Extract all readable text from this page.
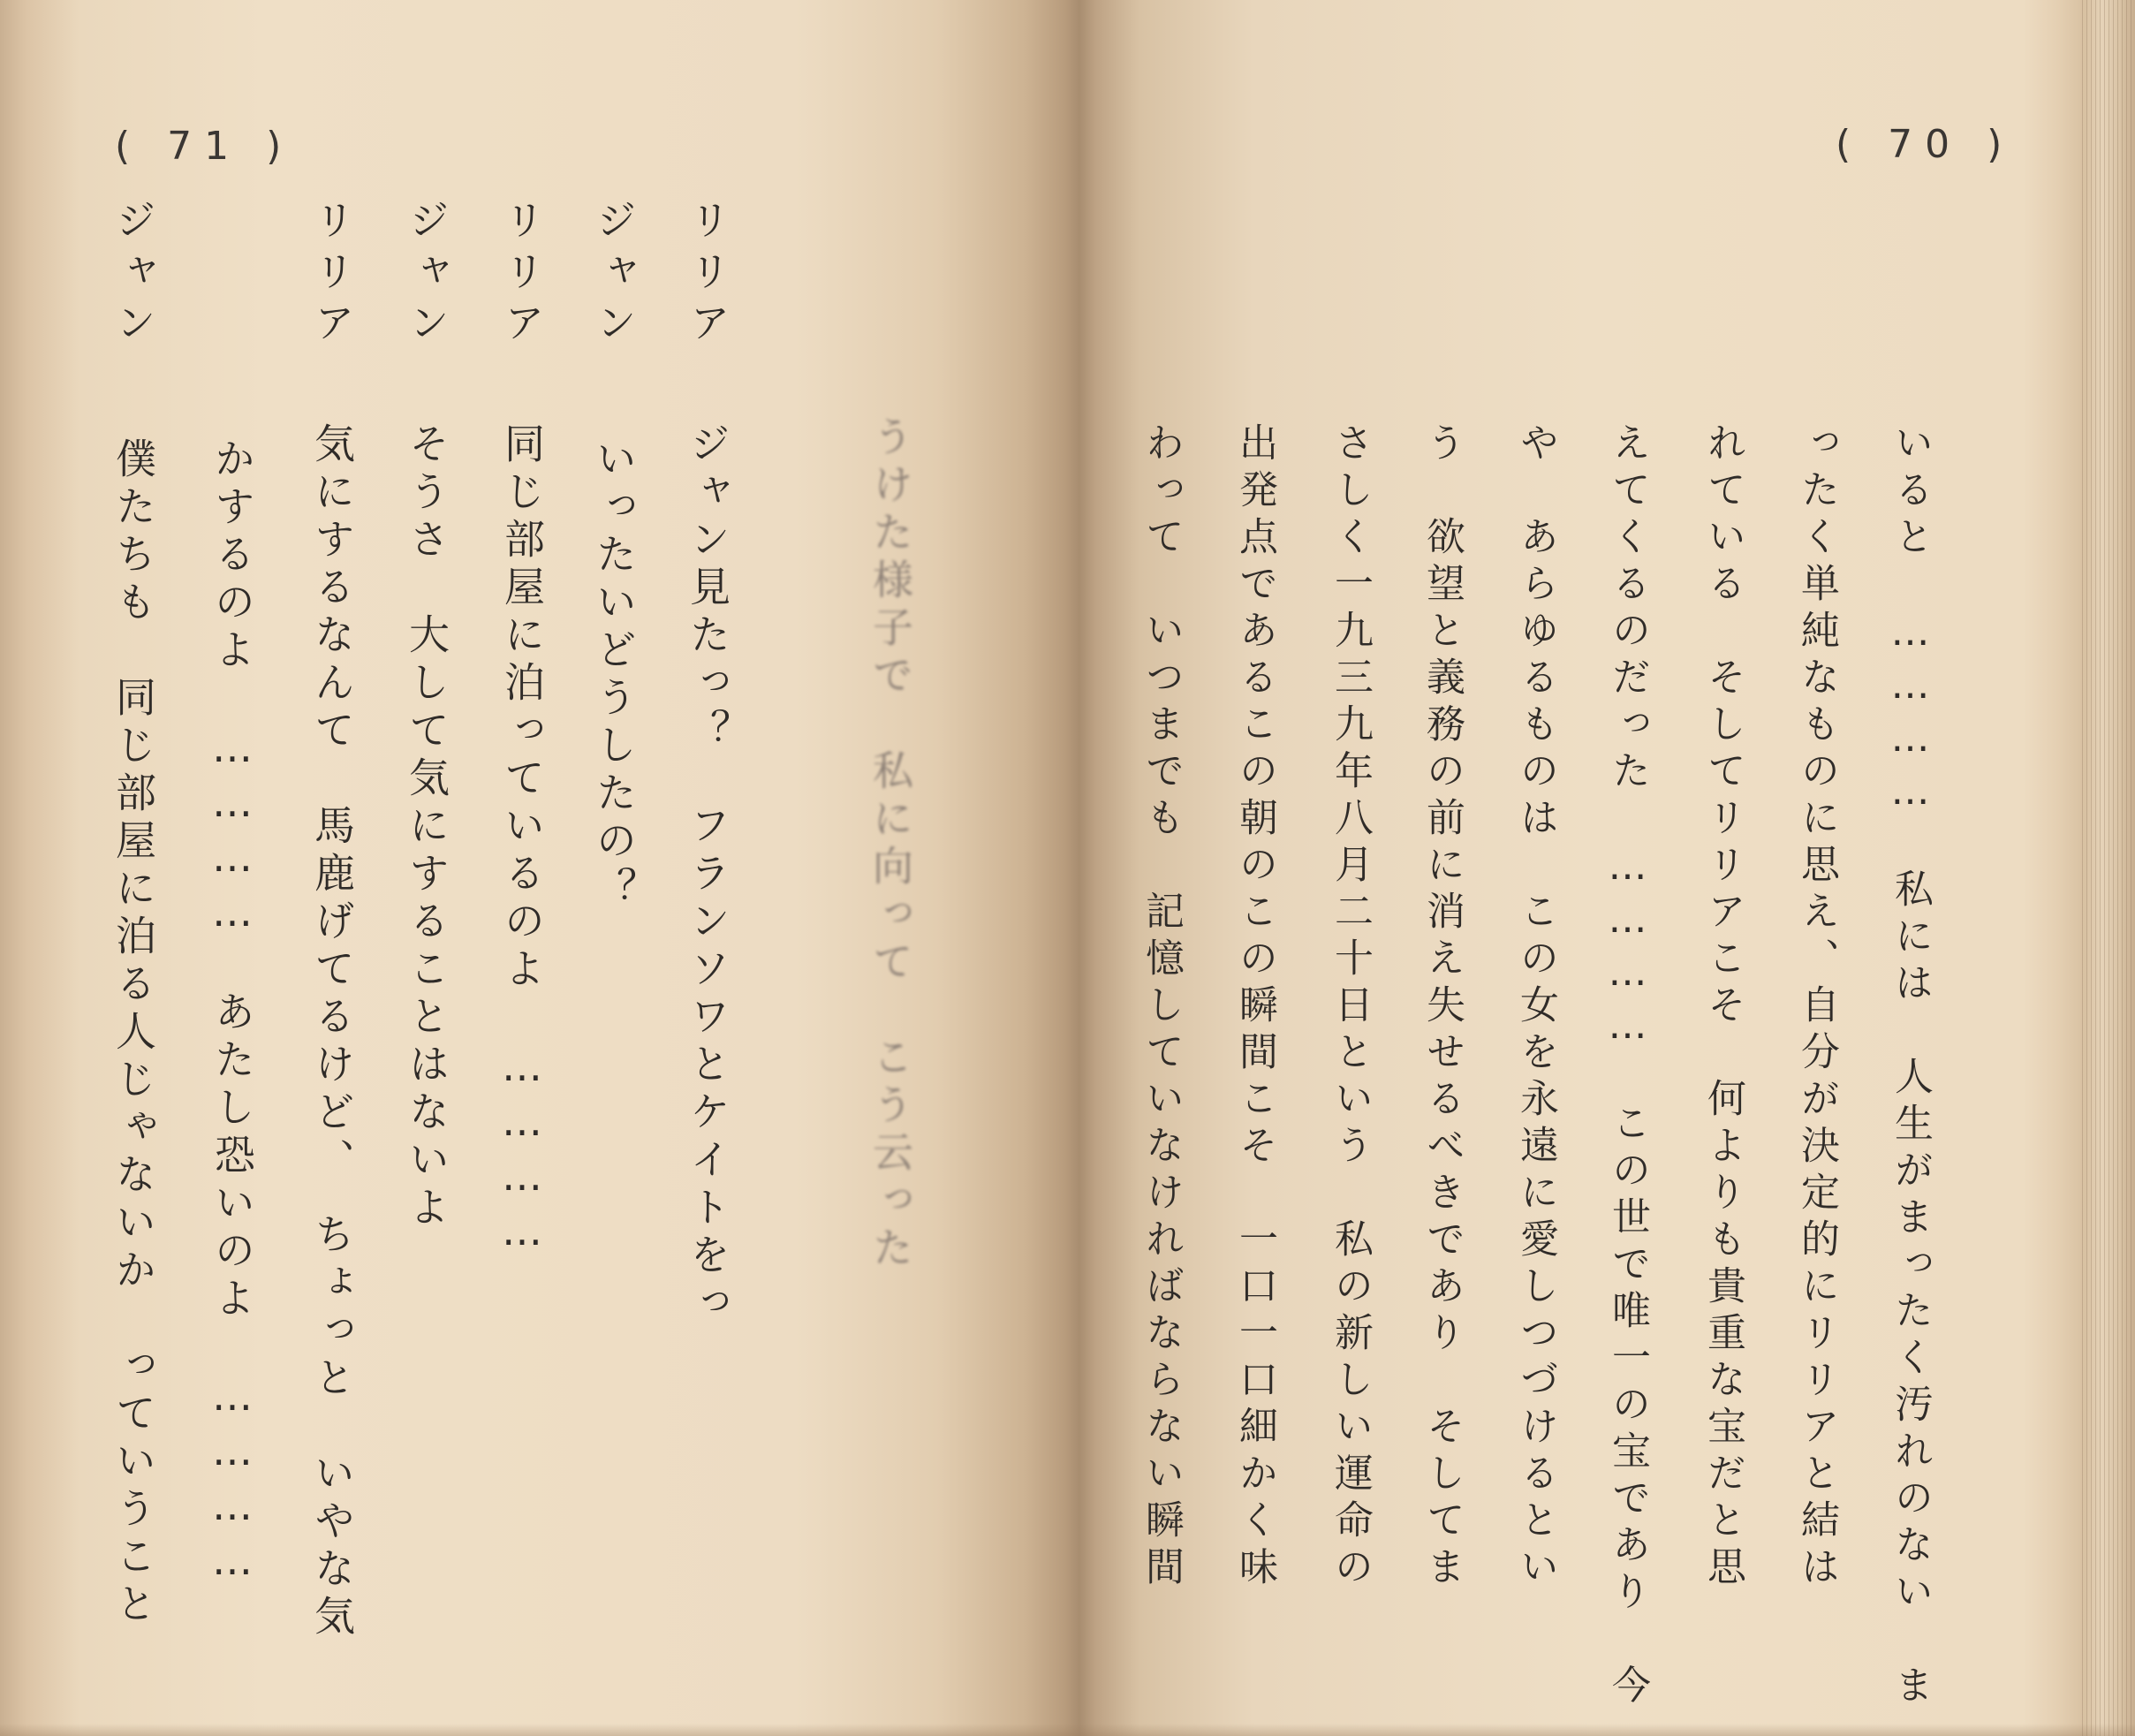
( 71 )
ジャン	リリア ジャン リリア ジャン リリア
僕たちも　同じ部屋に泊る人じゃないか　っていうこと かするのよ　…………　あたし恐いのよ　………… 気にするなんて　馬鹿げてるけど、　ちょっと　いやな気 そうさ　大して気にすることはないよ 同じ部屋に泊っているのよ　………… いったいどうしたの？ ジャン見たっ？　フランソワとケイトをっ	うけた様子で　私に向って　こう云った
( 70 )
わって　いつまでも　記憶していなければならない瞬間 出発点であるこの朝のこの瞬間こそ　一口一口細かく味 さしく一九三九年八月二十日という　私の新しい運命の う　欲望と義務の前に消え失せるべきであり　そしてま や　あらゆるものは　この女を永遠に愛しつづけるとい えてくるのだった　…………　この世で唯一の宝であり　今 れている　そしてリリアこそ　何よりも貴重な宝だと思 ったく単純なものに思え、自分が決定的にリリアと結は いると　…………　私には　人生がまったく汚れのない　ま
